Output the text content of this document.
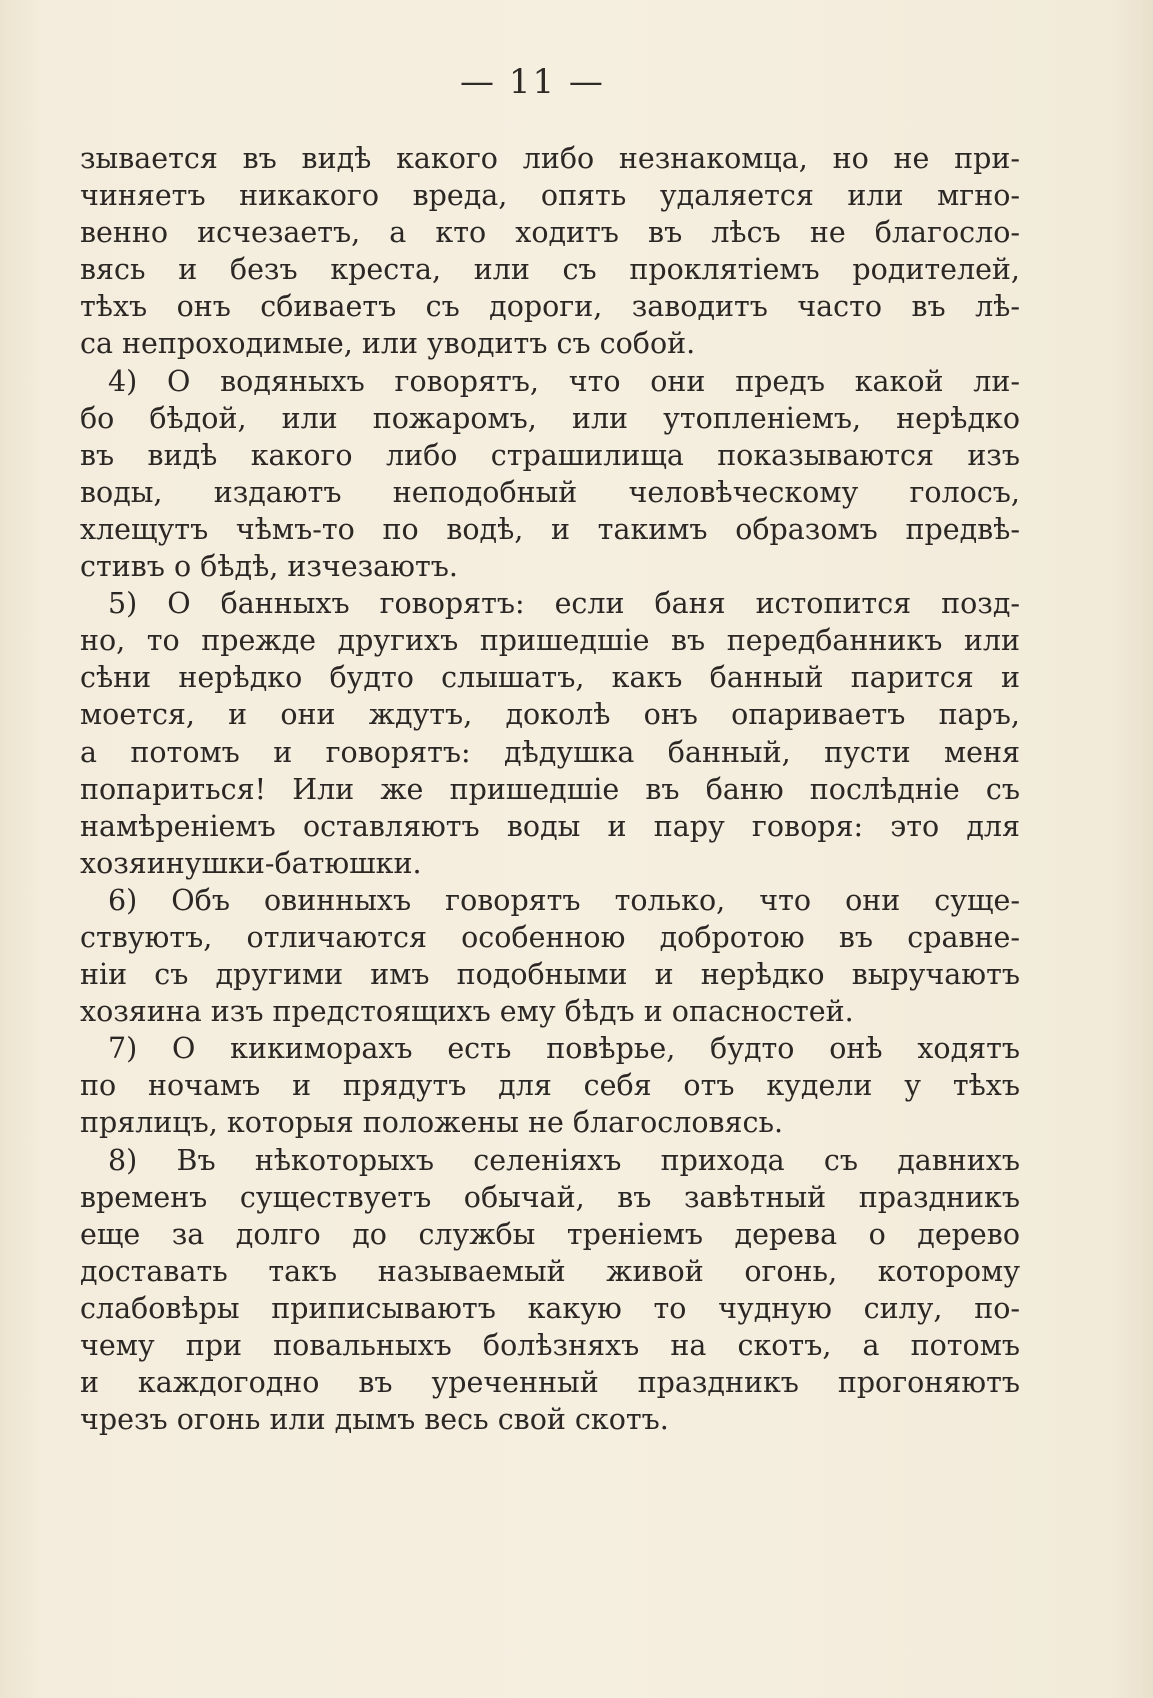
— 11 —
зывается въ видѣ какого либо незнакомца, но не при-
чиняетъ никакого вреда, опять удаляется или мгно-
венно исчезаетъ, а кто ходитъ въ лѣсъ не благосло-
вясь и безъ креста, или съ проклятіемъ родителей,
тѣхъ онъ сбиваетъ съ дороги, заводитъ часто въ лѣ-
са непроходимые, или уводитъ съ собой.
4) О водяныхъ говорятъ, что они предъ какой ли-
бо бѣдой, или пожаромъ, или утопленіемъ, нерѣдко
въ видѣ какого либо страшилища показываются изъ
воды, издаютъ неподобный человѣческому голосъ,
хлещутъ чѣмъ-то по водѣ, и такимъ образомъ предвѣ-
стивъ о бѣдѣ, изчезаютъ.
5) О банныхъ говорятъ: если баня истопится позд-
но, то прежде другихъ пришедшіе въ передбанникъ или
сѣни нерѣдко будто слышатъ, какъ банный парится и
моется, и они ждутъ, доколѣ онъ опариваетъ паръ,
а потомъ и говорятъ: дѣдушка банный, пусти меня
попариться! Или же пришедшіе въ баню послѣдніе съ
намѣреніемъ оставляютъ воды и пару говоря: это для
хозяинушки-батюшки.
6) Объ овинныхъ говорятъ только, что они суще-
ствуютъ, отличаются особенною добротою въ сравне-
ніи съ другими имъ подобными и нерѣдко выручаютъ
хозяина изъ предстоящихъ ему бѣдъ и опасностей.
7) О кикиморахъ есть повѣрье, будто онѣ ходятъ
по ночамъ и прядутъ для себя отъ кудели у тѣхъ
прялицъ, которыя положены не благословясь.
8) Въ нѣкоторыхъ селеніяхъ прихода съ давнихъ
временъ существуетъ обычай, въ завѣтный праздникъ
еще за долго до службы треніемъ дерева о дерево
доставать такъ называемый живой огонь, которому
слабовѣры приписываютъ какую то чудную силу, по-
чему при повальныхъ болѣзняхъ на скотъ, а потомъ
и каждогодно въ уреченный праздникъ прогоняютъ
чрезъ огонь или дымъ весь свой скотъ.
